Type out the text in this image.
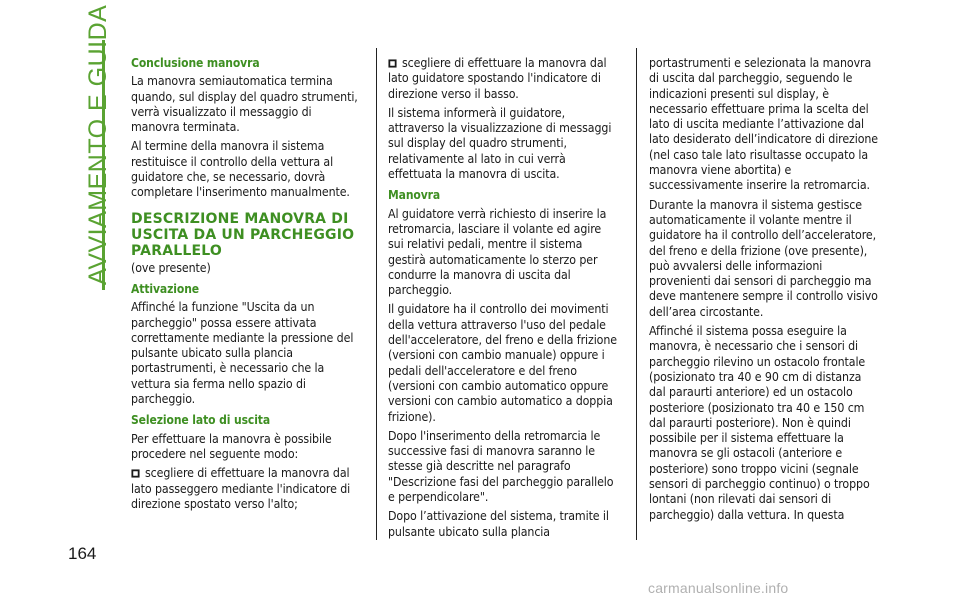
AVVIAMENTO E GUIDA Conclusione manovra

La manovra semiautomatica termina quando, sul display del quadro strumenti, verrà visualizzato il messaggio di manovra terminata.

Al termine della manovra il sistema restituisce il controllo della vettura al guidatore che, se necessario, dovrà completare l'inserimento manualmente.

DESCRIZIONE MANOVRA DI USCITA DA UN PARCHEGGIO PARALLELO

(ove presente)

Attivazione

Affinché la funzione "Uscita da un parcheggio" possa essere attivata correttamente mediante la pressione del pulsante ubicato sulla plancia portastrumenti, è necessario che la vettura sia ferma nello spazio di parcheggio.

Selezione lato di uscita

Per effettuare la manovra è possibile procedere nel seguente modo:

scegliere di effettuare la manovra dal lato passeggero mediante l'indicatore di direzione spostato verso l'alto;

scegliere di effettuare la manovra dal lato guidatore spostando l'indicatore di direzione verso il basso.

Il sistema informerà il guidatore, attraverso la visualizzazione di messaggi sul display del quadro strumenti, relativamente al lato in cui verrà effettuata la manovra di uscita.

Manovra

Al guidatore verrà richiesto di inserire la retromarcia, lasciare il volante ed agire sui relativi pedali, mentre il sistema gestirà automaticamente lo sterzo per condurre la manovra di uscita dal parcheggio.

Il guidatore ha il controllo dei movimenti della vettura attraverso l'uso del pedale dell'acceleratore, del freno e della frizione (versioni con cambio manuale) oppure i pedali dell'acceleratore e del freno (versioni con cambio automatico oppure versioni con cambio automatico a doppia frizione).

Dopo l'inserimento della retromarcia le successive fasi di manovra saranno le stesse già descritte nel paragrafo "Descrizione fasi del parcheggio parallelo e perpendicolare".

Dopo l’attivazione del sistema, tramite il pulsante ubicato sulla plancia

portastrumenti e selezionata la manovra di uscita dal parcheggio, seguendo le indicazioni presenti sul display, è necessario effettuare prima la scelta del lato di uscita mediante l’attivazione dal lato desiderato dell’indicatore di direzione (nel caso tale lato risultasse occupato la manovra viene abortita) e successivamente inserire la retromarcia.

Durante la manovra il sistema gestisce automaticamente il volante mentre il guidatore ha il controllo dell’acceleratore, del freno e della frizione (ove presente), può avvalersi delle informazioni provenienti dai sensori di parcheggio ma deve mantenere sempre il controllo visivo dell’area circostante.

Affinché il sistema possa eseguire la manovra, è necessario che i sensori di parcheggio rilevino un ostacolo frontale (posizionato tra 40 e 90 cm di distanza dal paraurti anteriore) ed un ostacolo posteriore (posizionato tra 40 e 150 cm dal paraurti posteriore). Non è quindi possibile per il sistema effettuare la manovra se gli ostacoli (anteriore e posteriore) sono troppo vicini (segnale sensori di parcheggio continuo) o troppo lontani (non rilevati dai sensori di parcheggio) dalla vettura. In questa

164
carmanualsonline.info
